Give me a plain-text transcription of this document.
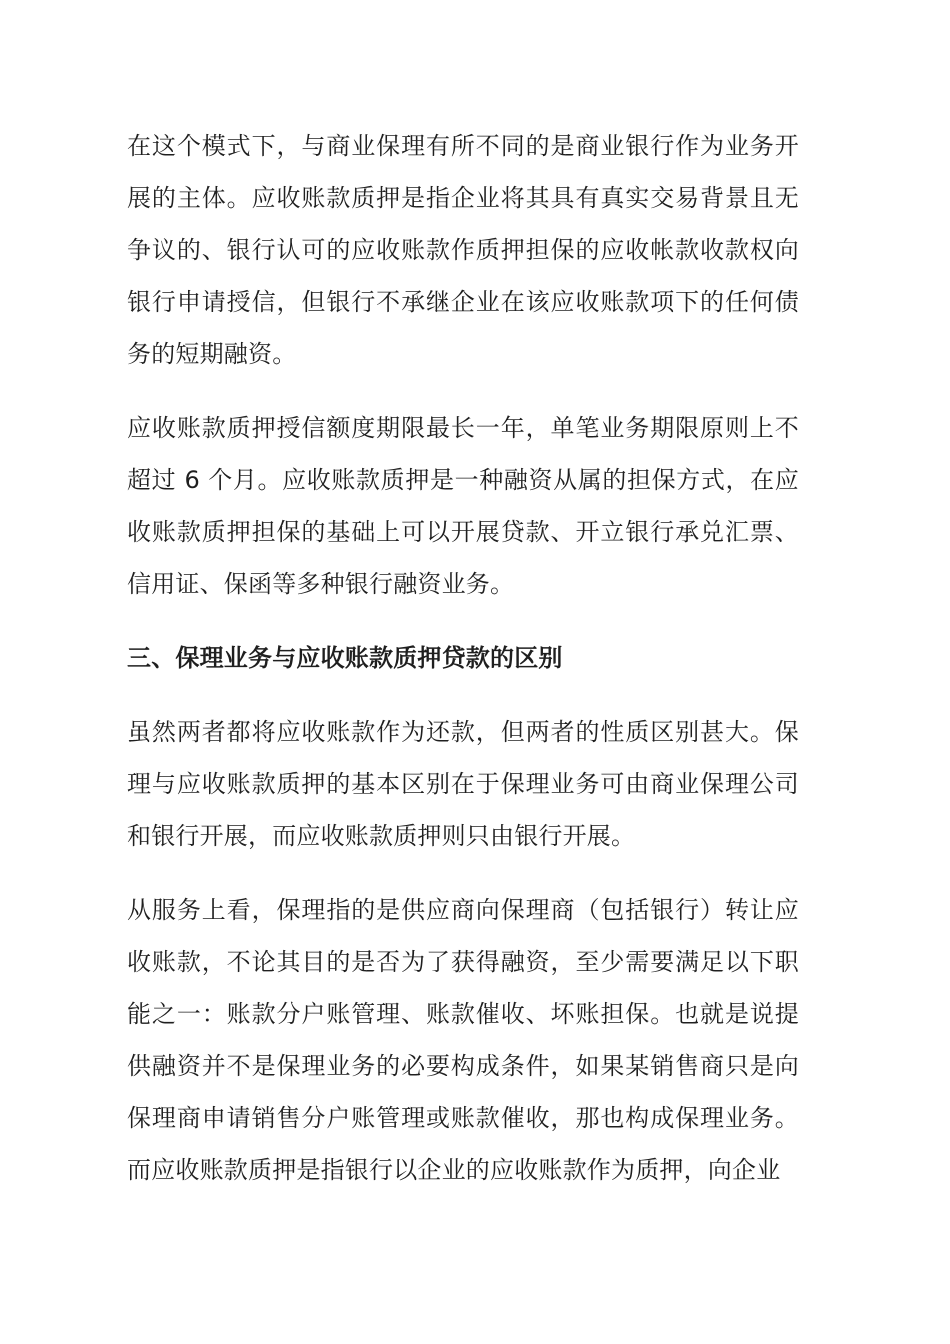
在这个模式下，与商业保理有所不同的是商业银行作为业务开展的主体。应收账款质押是指企业将其具有真实交易背景且无争议的、银行认可的应收账款作质押担保的应收帐款收款权向银行申请授信，但银行不承继企业在该应收账款项下的任何债务的短期融资。

应收账款质押授信额度期限最长一年，单笔业务期限原则上不超过 6 个月。应收账款质押是一种融资从属的担保方式，在应收账款质押担保的基础上可以开展贷款、开立银行承兑汇票、信用证、保函等多种银行融资业务。

三、保理业务与应收账款质押贷款的区别

虽然两者都将应收账款作为还款，但两者的性质区别甚大。保理与应收账款质押的基本区别在于保理业务可由商业保理公司和银行开展，而应收账款质押则只由银行开展。

从服务上看，保理指的是供应商向保理商（包括银行）转让应收账款，不论其目的是否为了获得融资，至少需要满足以下职能之一：账款分户账管理、账款催收、坏账担保。也就是说提供融资并不是保理业务的必要构成条件，如果某销售商只是向保理商申请销售分户账管理或账款催收，那也构成保理业务。而应收账款质押是指银行以企业的应收账款作为质押，向企业
